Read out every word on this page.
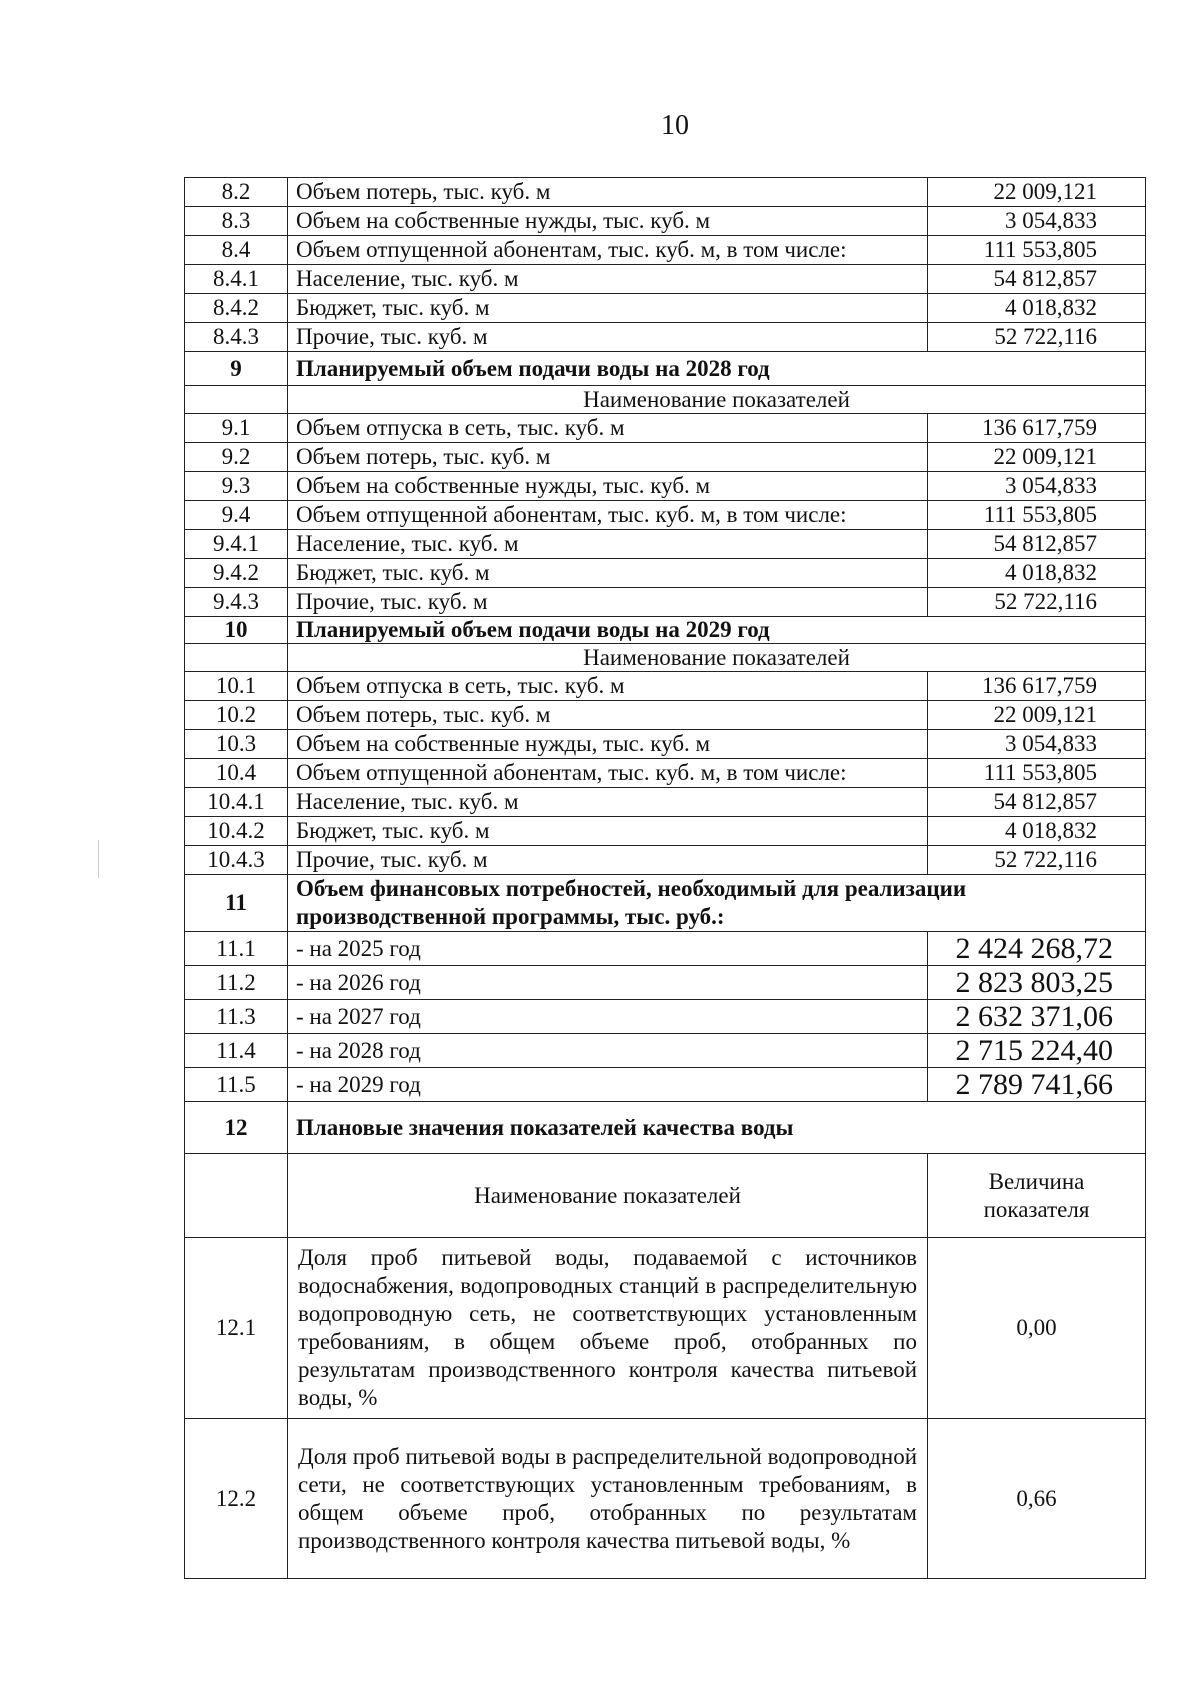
10
8.2	Объем потерь, тыс. куб. м	22 009,121
8.3	Объем на собственные нужды, тыс. куб. м	3 054,833
8.4	Объем отпущенной абонентам, тыс. куб. м, в том числе:	111 553,805
8.4.1	Население, тыс. куб. м	54 812,857
8.4.2	Бюджет, тыс. куб. м	4 018,832
8.4.3	Прочие, тыс. куб. м	52 722,116
9	Планируемый объем подачи воды на 2028 год	
	Наименование показателей	
9.1	Объем отпуска в сеть, тыс. куб. м	136 617,759
9.2	Объем потерь, тыс. куб. м	22 009,121
9.3	Объем на собственные нужды, тыс. куб. м	3 054,833
9.4	Объем отпущенной абонентам, тыс. куб. м, в том числе:	111 553,805
9.4.1	Население, тыс. куб. м	54 812,857
9.4.2	Бюджет, тыс. куб. м	4 018,832
9.4.3	Прочие, тыс. куб. м	52 722,116
10	Планируемый объем подачи воды на 2029 год	
	Наименование показателей	
10.1	Объем отпуска в сеть, тыс. куб. м	136 617,759
10.2	Объем потерь, тыс. куб. м	22 009,121
10.3	Объем на собственные нужды, тыс. куб. м	3 054,833
10.4	Объем отпущенной абонентам, тыс. куб. м, в том числе:	111 553,805
10.4.1	Население, тыс. куб. м	54 812,857
10.4.2	Бюджет, тыс. куб. м	4 018,832
10.4.3	Прочие, тыс. куб. м	52 722,116
11	Объем финансовых потребностей, необходимый для реализации производственной программы, тыс. руб.:	
11.1	- на 2025 год	2 424 268,72
11.2	- на 2026 год	2 823 803,25
11.3	- на 2027 год	2 632 371,06
11.4	- на 2028 год	2 715 224,40
11.5	- на 2029 год	2 789 741,66
12	Плановые значения показателей качества воды	
	Наименование показателей	Величина показателя
12.1	Доля проб питьевой воды, подаваемой с источников водоснабжения, водопроводных станций в распределительную водопроводную сеть, не соответствующих установленным требованиям, в общем объеме проб, отобранных по результатам производственного контроля качества питьевой воды, %	0,00
12.2	Доля проб питьевой воды в распределительной водопроводной сети, не соответствующих установленным требованиям, в общем объеме проб, отобранных по результатам производственного контроля качества питьевой воды, %	0,66
